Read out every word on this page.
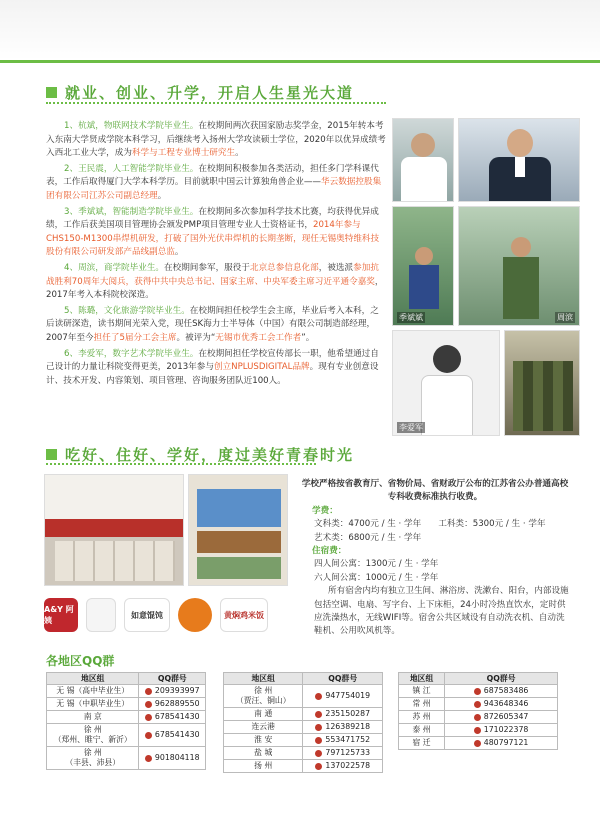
就业、创业、升学，开启人生星光大道

1、杭斌，物联网技术学院毕业生。在校期间两次获国家励志奖学金，2015年转本考入东南大学贤成学院本科学习，后继续考入扬州大学攻读硕士学位，2020年以优异成绩考入西北工业大学，成为科学与工程专业博士研究生。

2、王民震，人工智能学院毕业生。在校期间积极参加各类活动，担任多门学科课代表，工作后取得厦门大学本科学历。目前就职中国云计算独角兽企业——华云数据控股集团有限公司江苏公司副总经理。

3、季斌斌，智能制造学院毕业生。在校期间多次参加科学技术比赛，均获得优异成绩，工作后获美国项目管理协会颁发PMP项目管理专业人士资格证书，2014年参与CHS150-M1300串焊机研发，打破了国外光伏串焊机的长期垄断，现任无锡奥特维科技股份有限公司研发部产品线副总监。

4、周滨，商学院毕业生。在校期间参军，服役于北京总参信息化部，被选派参加抗战胜利70周年大阅兵，获得中共中央总书记、国家主席、中央军委主席习近平通令嘉奖，2017年考入本科院校深造。

5、陈璐，文化旅游学院毕业生。在校期间担任校学生会主席，毕业后考入本科，之后读研深造，读书期间光荣入党，现任SK海力士半导体（中国）有限公司制造部经理，2007年至今担任了5届分工会主席。被评为“无锡市优秀工会工作者”。

6、李爱军，数字艺术学院毕业生。在校期间担任学校宣传部长一职，他希望通过自己设计的力量让科院变得更美，2013年参与创立NPLUSDIGITAL品牌。现有专业创意设计、技术开发、内容策划、项目管理、咨询服务团队近100人。

季斌斌	周滨
李爱军
吃好、住好、学好，度过美好青春时光
学校严格按省教育厅、省物价局、省财政厅公布的江苏省公办普通高校专科收费标准执行收费。
学费：
文科类：4700元 / 生 · 学年　　工科类：5300元 / 生 · 学年
艺术类：6800元 / 生 · 学年
住宿费：
四人间公寓：1300元 / 生 · 学年
六人间公寓：1000元 / 生 · 学年
所有宿舍内均有独立卫生间、淋浴房、洗漱台、阳台，内部设施包括空调、电扇、写字台、上下床柜，24小时冷热直饮水，定时供应洗澡热水，无线WIFI等。宿舍公共区域设有自动洗衣机、自动洗鞋机、公用吹风机等。
A&Y 阿姨
如意馄饨	黄焖鸡米饭
各地区QQ群
地区组	QQ群号
无 锡（高中毕业生）	209393997
无 锡（中职毕业生）	962889550
南 京	678541430
徐 州
（郑州、睢宁、新沂）	678541430
徐 州
（丰县、沛县）	901804118
地区组	QQ群号
徐 州
（贾汪、铜山）	947754019
南 通	235150287
连云港	126389218
淮 安	553471752
盐 城	797125733
扬 州	137022578
地区组	QQ群号
镇 江	687583486
常 州	943648346
苏 州	872605347
泰 州	171022378
宿 迁	480797121
